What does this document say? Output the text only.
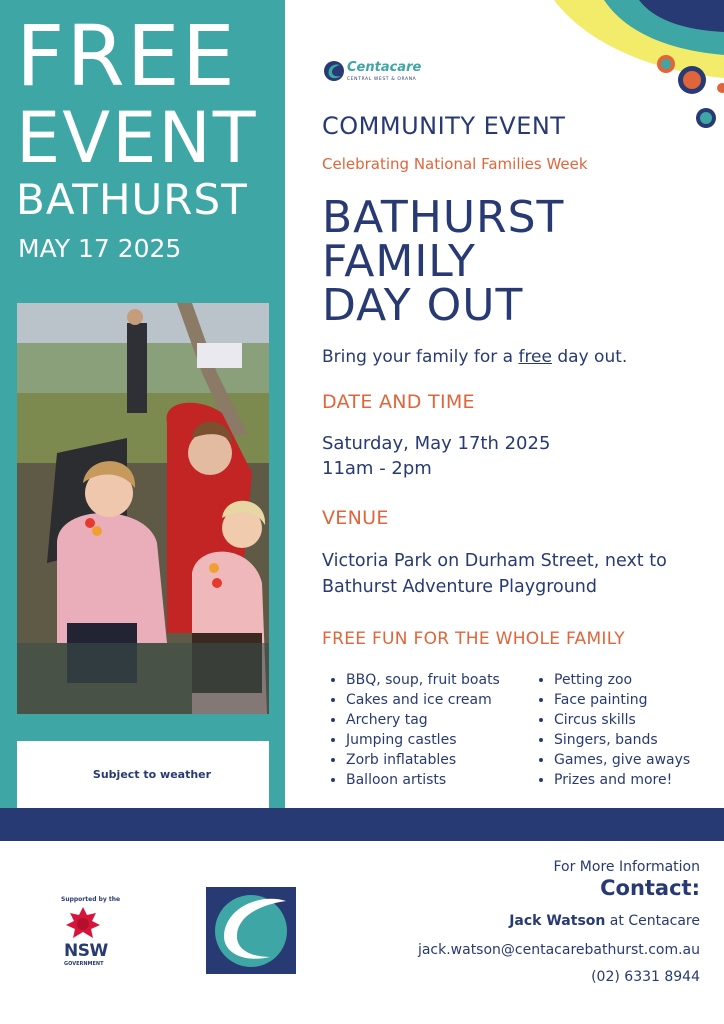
FREE
EVENT
BATHURST
MAY 17 2025
Subject to weather
Centacare
CENTRAL WEST & ORANA
COMMUNITY EVENT
Celebrating National Families Week
BATHURST
FAMILY
DAY OUT
Bring your family for a free day out.
DATE AND TIME
Saturday, May 17th 2025
11am - 2pm
VENUE
Victoria Park on Durham Street, next to Bathurst Adventure Playground
FREE FUN FOR THE WHOLE FAMILY
• BBQ, soup, fruit boats
• Cakes and ice cream
• Archery tag
• Jumping castles
• Zorb inflatables
• Balloon artists
• Petting zoo
• Face painting
• Circus skills
• Singers, bands
• Games, give aways
• Prizes and more!
Supported by the
NSW
GOVERNMENT
For More Information
Contact:
Jack Watson at Centacare
jack.watson@centacarebathurst.com.au
(02) 6331 8944
